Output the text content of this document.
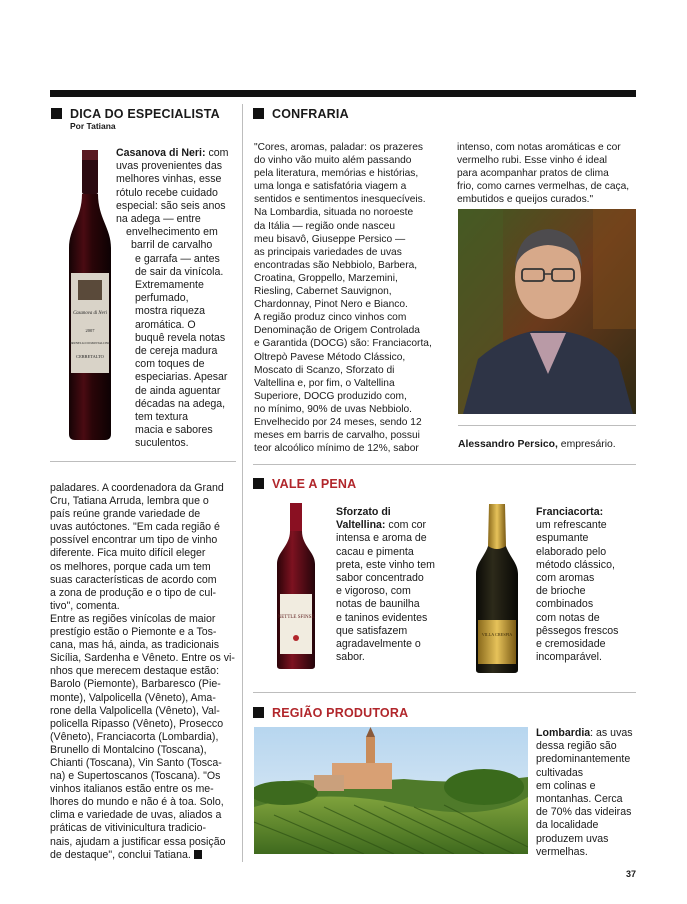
DICA DO ESPECIALISTA
Por Tatiana
Casanova di Neri
2007
BRUNELLO DI MONTALCINO
CERRETALTO
Casanova di Neri: com
uvas provenientes das
melhores vinhas, esse
rótulo recebe cuidado
especial: são seis anos
na adega — entre
envelhecimento em
barril de carvalho
e garrafa — antes
de sair da vinícola.
Extremamente
perfumado,
mostra riqueza
aromática. O
buquê revela notas
de cereja madura
com toques de
especiarias. Apesar
de ainda aguentar
décadas na adega,
tem textura
macia e sabores
suculentos.
paladares. A coordenadora da Grand
Cru, Tatiana Arruda, lembra que o
país reúne grande variedade de
uvas autóctones. "Em cada região é
possível encontrar um tipo de vinho
diferente. Fica muito difícil eleger
os melhores, porque cada um tem
suas características de acordo com
a zona de produção e o tipo de cul-
tivo", comenta.
Entre as regiões vinícolas de maior
prestígio estão o Piemonte e a Tos-
cana, mas há, ainda, as tradicionais
Sicília, Sardenha e Vêneto. Entre os vi-
nhos que merecem destaque estão:
Barolo (Piemonte), Barbaresco (Pie-
monte), Valpolicella (Vêneto), Ama-
rone della Valpolicella (Vêneto), Val-
policella Ripasso (Vêneto), Prosecco
(Vêneto), Franciacorta (Lombardia),
Brunello di Montalcino (Toscana),
Chianti (Toscana), Vin Santo (Tosca-
na) e Supertoscanos (Toscana). "Os
vinhos italianos estão entre os me-
lhores do mundo e não é à toa. Solo,
clima e variedade de uvas, aliados a
práticas de vitivinicultura tradicio-
nais, ajudam a justificar essa posição
de destaque", conclui Tatiana.
CONFRARIA
"Cores, aromas, paladar: os prazeres
do vinho vão muito além passando
pela literatura, memórias e histórias,
uma longa e satisfatória viagem a
sentidos e sentimentos inesquecíveis.
Na Lombardia, situada no noroeste
da Itália — região onde nasceu
meu bisavô, Giuseppe Persico —
as principais variedades de uvas
encontradas são Nebbiolo, Barbera,
Croatina, Groppello, Marzemini,
Riesling, Cabernet Sauvignon,
Chardonnay, Pinot Nero e Bianco.
A região produz cinco vinhos com
Denominação de Origem Controlada
e Garantida (DOCG) são: Franciacorta,
Oltrepò Pavese Método Clássico,
Moscato di Scanzo, Sforzato di
Valtellina e, por fim, o Valtellina
Superiore, DOCG produzido com,
no mínimo, 90% de uvas Nebbiolo.
Envelhecido por 24 meses, sendo 12
meses em barris de carvalho, possui
teor alcoólico mínimo de 12%, sabor
intenso, com notas aromáticas e cor
vermelho rubi. Esse vinho é ideal
para acompanhar pratos de clima
frio, como carnes vermelhas, de caça,
embutidos e queijos curados."
Alessandro Persico, empresário.
VALE A PENA
NETTLE SFINSE
Sforzato di
Valtellina: com cor
intensa e aroma de
cacau e pimenta
preta, este vinho tem
sabor concentrado
e vigoroso, com
notas de baunilha
e taninos evidentes
que satisfazem
agradavelmente o
sabor.
VILLA CRESPIA
Franciacorta:
um refrescante
espumante
elaborado pelo
método clássico,
com aromas
de brioche
combinados
com notas de
pêssegos frescos
e cremosidade
incomparável.
REGIÃO PRODUTORA
Lombardia: as uvas
dessa região são
predominantemente
cultivadas
em colinas e
montanhas. Cerca
de 70% das videiras
da localidade
produzem uvas
vermelhas.
37
